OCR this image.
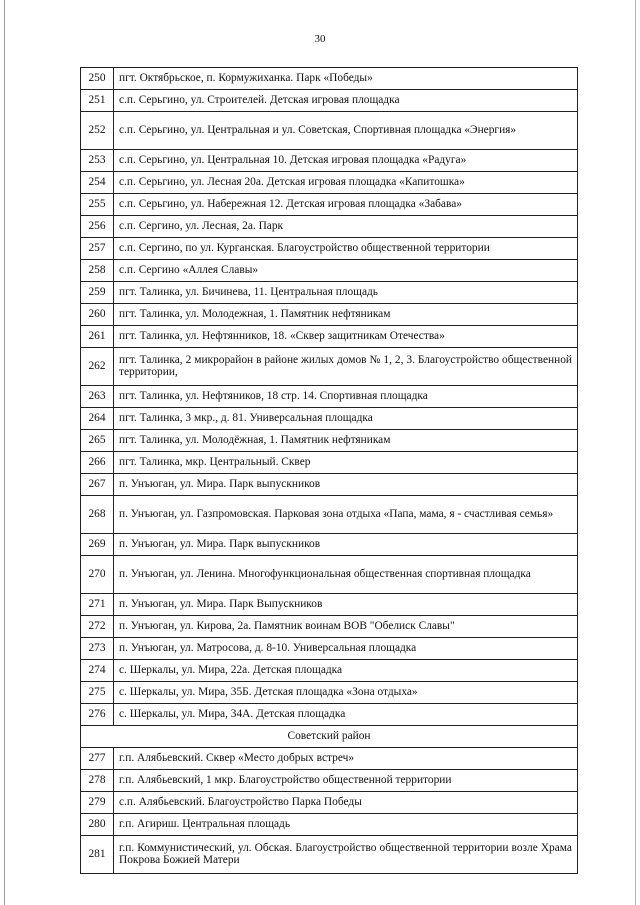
30
250	пгт. Октябрьское, п. Кормужиханка. Парк «Победы»
251	с.п. Серьгино, ул. Строителей. Детская игровая площадка
252	с.п. Серьгино, ул. Центральная и ул. Советская, Спортивная площадка «Энергия»
253	с.п. Серьгино, ул. Центральная 10. Детская игровая площадка «Радуга»
254	с.п. Серьгино, ул. Лесная 20а. Детская игровая площадка «Капитошка»
255	с.п. Серьгино, ул. Набережная 12. Детская игровая площадка «Забава»
256	с.п. Сергино, ул. Лесная, 2а. Парк
257	с.п. Сергино, по ул. Курганская. Благоустройство общественной территории
258	с.п. Сергино «Аллея Славы»
259	пгт. Талинка, ул. Бичинева, 11. Центральная площадь
260	пгт. Талинка, ул. Молодежная, 1. Памятник нефтяникам
261	пгт. Талинка, ул. Нефтянников, 18. «Сквер защитникам Отечества»
262	пгт. Талинка, 2 микрорайон в районе жилых домов № 1, 2, 3. Благоустройство общественной территории,
263	пгт. Талинка, ул. Нефтяников, 18 стр. 14. Спортивная площадка
264	пгт. Талинка, 3 мкр., д. 81. Универсальная площадка
265	пгт. Талинка, ул. Молодёжная, 1. Памятник нефтяникам
266	пгт. Талинка, мкр. Центральный. Сквер
267	п. Унъюган, ул. Мира. Парк выпускников
268	п. Унъюган, ул. Газпромовская. Парковая зона отдыха «Папа, мама, я - счастливая семья»
269	п. Унъюган, ул. Мира. Парк выпускников
270	п. Унъюган, ул. Ленина. Многофункциональная общественная спортивная площадка
271	п. Унъюган, ул. Мира. Парк Выпускников
272	п. Унъюган, ул. Кирова, 2а. Памятник воинам ВОВ "Обелиск Славы"
273	п. Унъюган, ул. Матросова, д. 8-10. Универсальная площадка
274	с. Шеркалы, ул. Мира, 22а. Детская площадка
275	с. Шеркалы, ул. Мира, 35Б. Детская площадка «Зона отдыха»
276	с. Шеркалы, ул. Мира, 34А. Детская площадка
Советский район	
277	г.п. Алябьевский. Сквер «Место добрых встреч»
278	г.п. Алябьевский, 1 мкр. Благоустройство общественной территории
279	с.п. Алябьевский. Благоустройство Парка Победы
280	г.п. Агириш. Центральная площадь
281	г.п. Коммунистический, ул. Обская. Благоустройство общественной территории возле Храма Покрова Божией Матери
